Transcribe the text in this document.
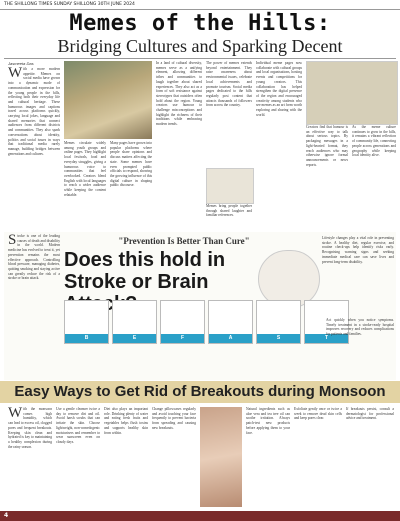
THE SHILLONG TIMES SUNDAY SHILLONG 30TH JUNE 2024
Memes of the Hills:
Bridging Cultures and Sparking Decent
Jasmeeta Das
With a more modern appetite. Memes on social media have grown into a dynamic mode of communication and expression for the young people in the hills, reflecting both their everyday life and cultural heritage. These humorous images and captions travel across platforms quickly, carrying local jokes, language and shared memories that connect audiences from different districts and communities. They also spark conversations about identity, politics and social issues in ways that traditional media rarely manage, building bridges between generations and cultures.
Memes circulate widely among youth groups and online pages. They highlight local festivals, food and everyday struggles, giving a humorous voice to communities that feel overlooked. Creators blend English with local languages to reach a wider audience while keeping the content relatable.
Many pages have grown into popular platforms where people share opinions and discuss matters affecting the state. Some memes have even prompted public officials to respond, showing the growing influence of this digital culture in shaping public discourse.
In a land of cultural diversity, memes serve as a unifying element, allowing different tribes and communities to laugh together about shared experiences. They also act as a form of soft resistance against stereotypes that outsiders often hold about the region. Young creators use humour to challenge misconceptions and highlight the richness of their traditions while embracing modern trends.
The power of memes extends beyond entertainment. They raise awareness about environmental issues, celebrate local achievements and promote tourism. Social media pages dedicated to the hills regularly post content that attracts thousands of followers from across the country.
Memes bring people together through shared laughter and familiar references.
Individual meme pages now collaborate with cultural groups and local organisations, hosting events and competitions for young creators. This collaboration has helped strengthen the digital presence of the region and encouraged creativity among students who see memes as an art form worth exploring and sharing with the world.
Creators find that humour is an effective way to talk about serious topics. By packaging messages in a light-hearted format, they reach audiences who may otherwise ignore formal announcements or news reports.
As the meme culture continues to grow in the hills, it remains a vibrant reflection of community life, connecting people across generations and geography while keeping local identity alive.
Stroke is one of the leading causes of death and disability in the world. Modern medicine has evolved to treat it, yet prevention remains the most effective approach. Controlling blood pressure, managing diabetes, quitting smoking and staying active can greatly reduce the risk of a stroke or brain attack.
"Prevention Is Better Than Cure"
Does this hold in Stroke or Brain
Lifestyle changes play a vital role in preventing stroke. A healthy diet, regular exercise, and routine check-ups help identify risks early. Recognising warning signs and seeking immediate medical care can save lives and prevent long-term disability.
B	E	F	A	S	T
Act quickly when you notice symptoms. Timely treatment in a stroke-ready hospital improves recovery and reduces complications for patients and families.
Easy Ways to Get Rid of Breakouts during Monsoon
With the monsoon comes high humidity, which can lead to excess oil, clogged pores and frequent breakouts. Keeping skin clean and hydrated is key to maintaining a healthy complexion during the rainy season.
Use a gentle cleanser twice a day to remove dirt and oil. Avoid harsh scrubs that can irritate the skin. Choose lightweight, non-comedogenic moisturisers and remember to wear sunscreen even on cloudy days.
Diet also plays an important role. Drinking plenty of water and eating fresh fruits and vegetables helps flush toxins and supports healthy skin from within.
Change pillowcases regularly and avoid touching your face frequently to prevent bacteria from spreading and causing new breakouts.
Natural ingredients such as aloe vera and tea tree oil can soothe irritation. Always patch-test new products before applying them to your face.
Exfoliate gently once or twice a week to remove dead skin cells and keep pores clear.
If breakouts persist, consult a dermatologist for professional advice and treatment.
4
